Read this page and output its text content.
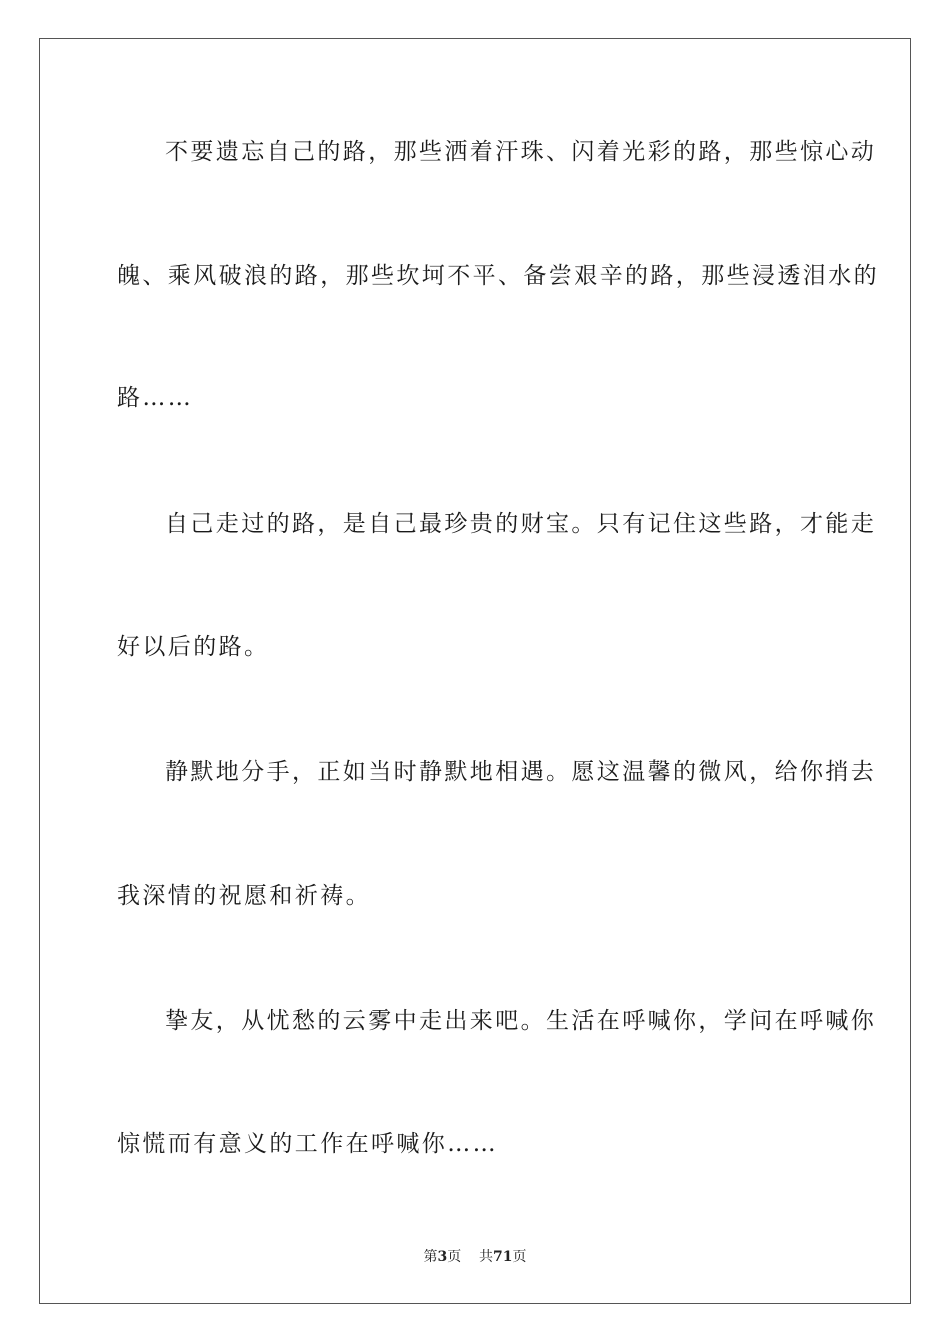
不要遗忘自己的路，那些洒着汗珠、闪着光彩的路，那些惊心动
魄、乘风破浪的路，那些坎坷不平、备尝艰辛的路，那些浸透泪水的
路……
自己走过的路，是自己最珍贵的财宝。只有记住这些路，才能走
好以后的路。
静默地分手，正如当时静默地相遇。愿这温馨的微风，给你捎去
我深情的祝愿和祈祷。
挚友，从忧愁的云雾中走出来吧。生活在呼喊你，学问在呼喊你
惊慌而有意义的工作在呼喊你……
第3页 共71页
